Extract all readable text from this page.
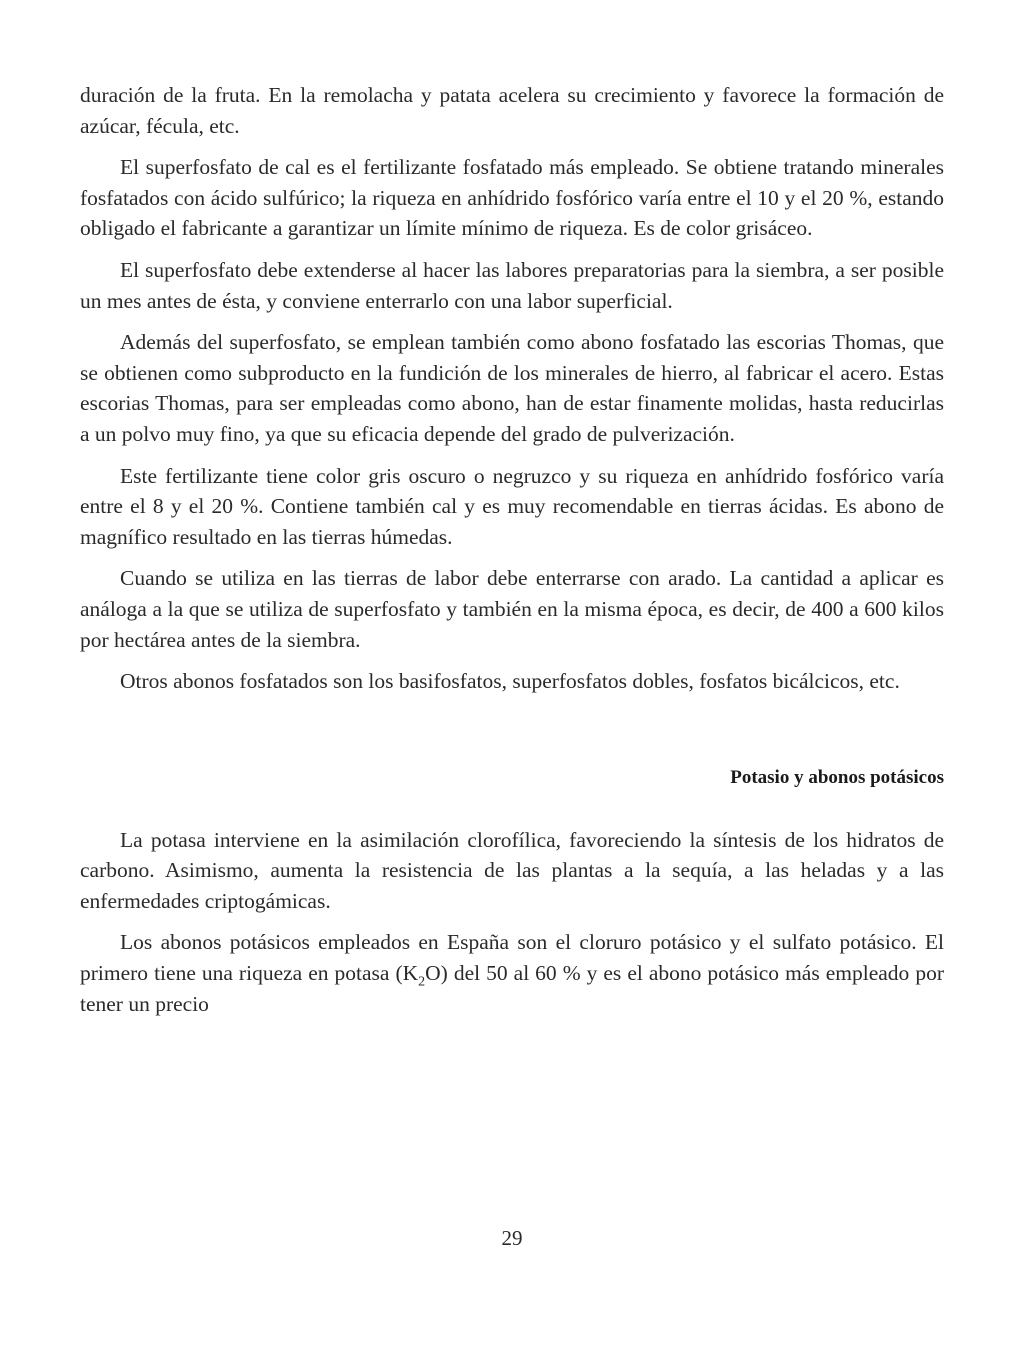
duración de la fruta. En la remolacha y patata acelera su crecimiento y favorece la formación de azúcar, fécula, etc.

El superfosfato de cal es el fertilizante fosfatado más empleado. Se obtiene tratando minerales fosfatados con ácido sulfúrico; la riqueza en anhídrido fosfórico varía entre el 10 y el 20 %, estando obligado el fabricante a garantizar un límite mínimo de riqueza. Es de color grisáceo.

El superfosfato debe extenderse al hacer las labores preparatorias para la siembra, a ser posible un mes antes de ésta, y conviene enterrarlo con una labor superficial.

Además del superfosfato, se emplean también como abono fosfatado las escorias Thomas, que se obtienen como subproducto en la fundición de los minerales de hierro, al fabricar el acero. Estas escorias Thomas, para ser empleadas como abono, han de estar finamente molidas, hasta reducirlas a un polvo muy fino, ya que su eficacia depende del grado de pulverización.

Este fertilizante tiene color gris oscuro o negruzco y su riqueza en anhídrido fosfórico varía entre el 8 y el 20 %. Contiene también cal y es muy recomendable en tierras ácidas. Es abono de magnífico resultado en las tierras húmedas.

Cuando se utiliza en las tierras de labor debe enterrarse con arado. La cantidad a aplicar es análoga a la que se utiliza de superfosfato y también en la misma época, es decir, de 400 a 600 kilos por hectárea antes de la siembra.

Otros abonos fosfatados son los basifosfatos, superfosfatos dobles, fosfatos bicálcicos, etc.

Potasio y abonos potásicos

La potasa interviene en la asimilación clorofílica, favoreciendo la síntesis de los hidratos de carbono. Asimismo, aumenta la resistencia de las plantas a la sequía, a las heladas y a las enfermedades criptogámicas.

Los abonos potásicos empleados en España son el cloruro potásico y el sulfato potásico. El primero tiene una riqueza en potasa $(K_2O)$ del 50 al 60 % y es el abono potásico más empleado por tener un precio

29
